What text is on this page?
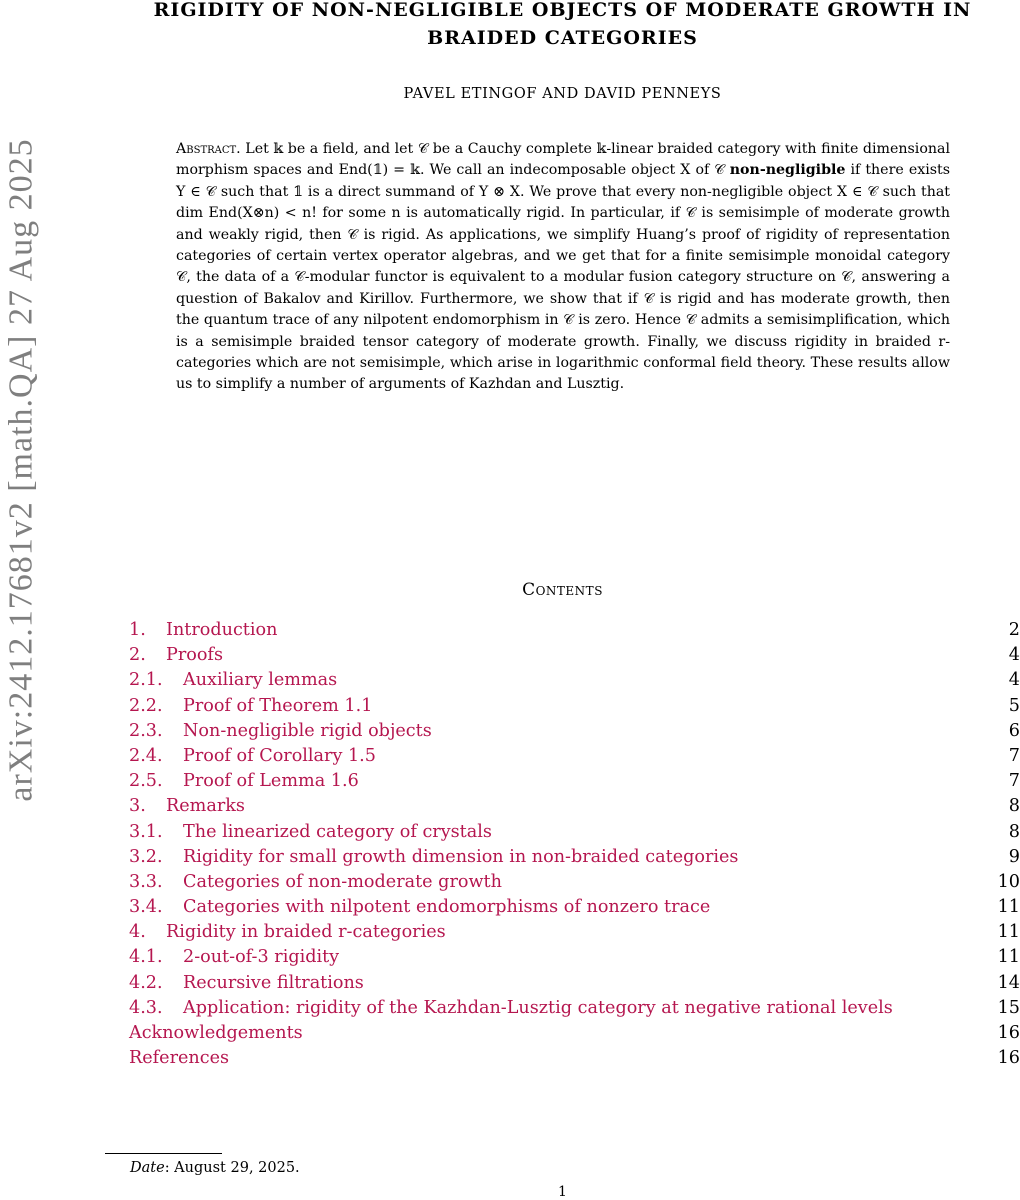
arXiv:2412.17681v2 [math.QA] 27 Aug 2025
RIGIDITY OF NON-NEGLIGIBLE OBJECTS OF MODERATE GROWTH IN BRAIDED CATEGORIES
PAVEL ETINGOF AND DAVID PENNEYS
Abstract. Let 𝕜 be a field, and let 𝒞 be a Cauchy complete 𝕜-linear braided category with finite dimensional morphism spaces and End(𝟙) = 𝕜. We call an indecomposable object X of 𝒞 non-negligible if there exists Y ∈ 𝒞 such that 𝟙 is a direct summand of Y ⊗ X. We prove that every non-negligible object X ∈ 𝒞 such that dim End(X⊗n) < n! for some n is automatically rigid. In particular, if 𝒞 is semisimple of moderate growth and weakly rigid, then 𝒞 is rigid. As applications, we simplify Huang’s proof of rigidity of representation categories of certain vertex operator algebras, and we get that for a finite semisimple monoidal category 𝒞, the data of a 𝒞-modular functor is equivalent to a modular fusion category structure on 𝒞, answering a question of Bakalov and Kirillov. Furthermore, we show that if 𝒞 is rigid and has moderate growth, then the quantum trace of any nilpotent endomorphism in 𝒞 is zero. Hence 𝒞 admits a semisimplification, which is a semisimple braided tensor category of moderate growth. Finally, we discuss rigidity in braided r-categories which are not semisimple, which arise in logarithmic conformal field theory. These results allow us to simplify a number of arguments of Kazhdan and Lusztig.
Contents
1. Introduction	2
2. Proofs	4
2.1. Auxiliary lemmas	4
2.2. Proof of Theorem 1.1	5
2.3. Non-negligible rigid objects	6
2.4. Proof of Corollary 1.5	7
2.5. Proof of Lemma 1.6	7
3. Remarks	8
3.1. The linearized category of crystals	8
3.2. Rigidity for small growth dimension in non-braided categories	9
3.3. Categories of non-moderate growth	10
3.4. Categories with nilpotent endomorphisms of nonzero trace	11
4. Rigidity in braided r-categories	11
4.1. 2-out-of-3 rigidity	11
4.2. Recursive filtrations	14
4.3. Application: rigidity of the Kazhdan-Lusztig category at negative rational levels	15
Acknowledgements	16
References	16
Date: August 29, 2025.
1
